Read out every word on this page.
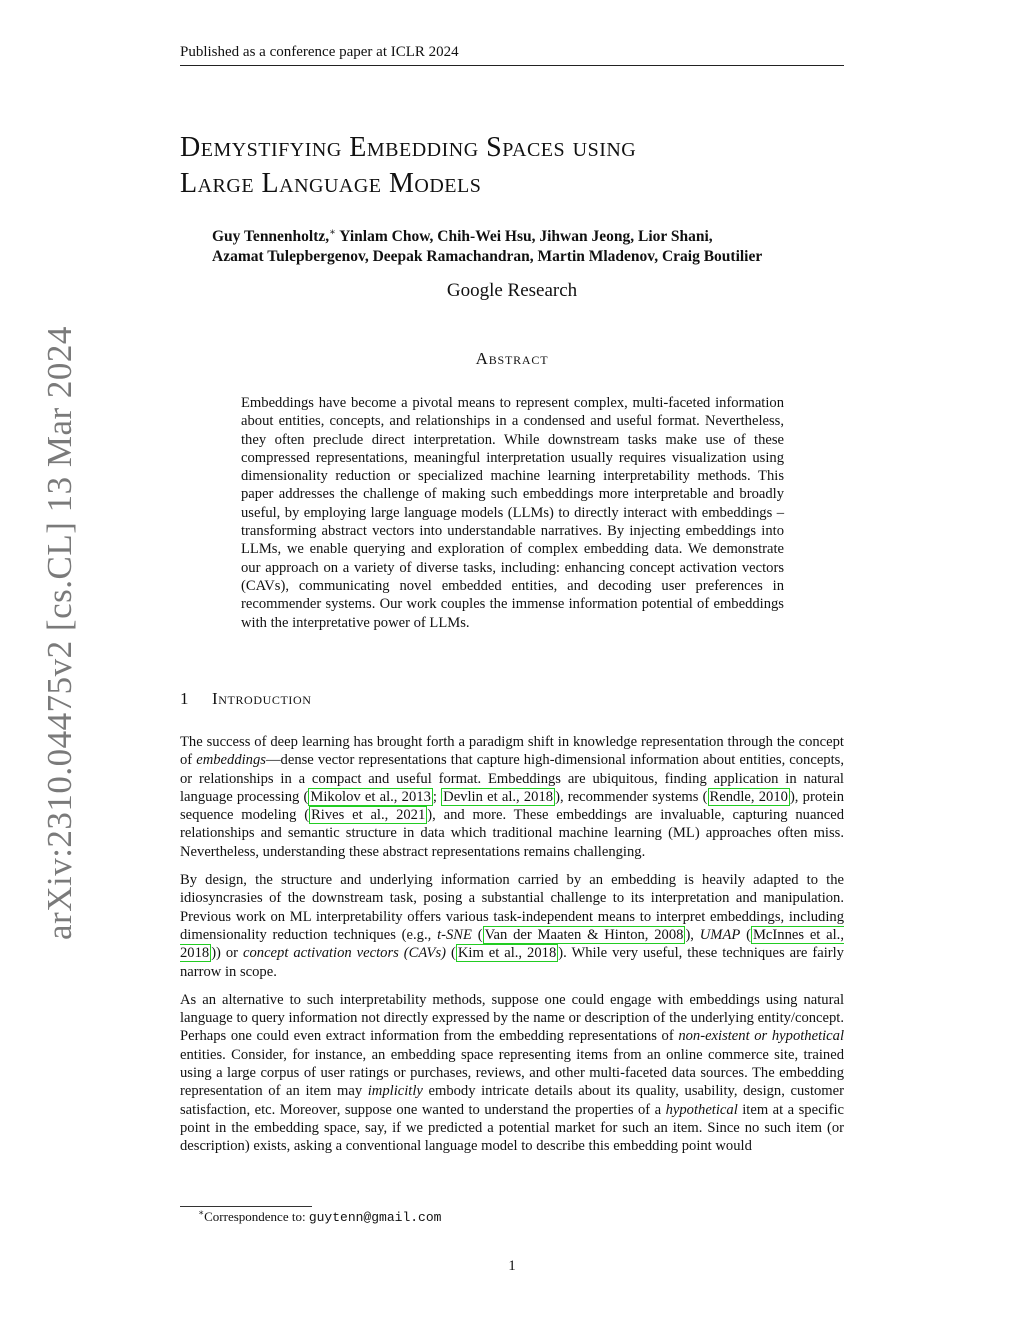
Published as a conference paper at ICLR 2024
Demystifying Embedding Spaces using
Large Language Models
Guy Tennenholtz,∗ Yinlam Chow, Chih-Wei Hsu, Jihwan Jeong, Lior Shani,
Azamat Tulepbergenov, Deepak Ramachandran, Martin Mladenov, Craig Boutilier
Google Research
Abstract

Embeddings have become a pivotal means to represent complex, multi-faceted information about entities, concepts, and relationships in a condensed and useful format. Nevertheless, they often preclude direct interpretation. While downstream tasks make use of these compressed representations, meaningful interpretation usually requires visualization using dimensionality reduction or specialized machine learning interpretability methods. This paper addresses the challenge of making such embeddings more interpretable and broadly useful, by employing large language models (LLMs) to directly interact with embeddings – transforming abstract vectors into understandable narratives. By injecting embeddings into LLMs, we enable querying and exploration of complex embedding data. We demonstrate our approach on a variety of diverse tasks, including: enhancing concept activation vectors (CAVs), communicating novel embedded entities, and decoding user preferences in recommender systems. Our work couples the immense information potential of embeddings with the interpretative power of LLMs.

1 Introduction

The success of deep learning has brought forth a paradigm shift in knowledge representation through the concept of embeddings—dense vector representations that capture high-dimensional information about entities, concepts, or relationships in a compact and useful format. Embeddings are ubiquitous, finding application in natural language processing ( Mikolov et al., 2013 ; Devlin et al., 2018 ), recommender systems ( Rendle, 2010 ), protein sequence modeling ( Rives et al., 2021 ), and more. These embeddings are invaluable, capturing nuanced relationships and semantic structure in data which traditional machine learning (ML) approaches often miss. Nevertheless, understanding these abstract representations remains challenging.

By design, the structure and underlying information carried by an embedding is heavily adapted to the idiosyncrasies of the downstream task, posing a substantial challenge to its interpretation and manipulation. Previous work on ML interpretability offers various task-independent means to interpret embeddings, including dimensionality reduction techniques (e.g., t-SNE ( Van der Maaten & Hinton, 2008 ), UMAP ( McInnes et al., 2018 )) or concept activation vectors (CAVs) ( Kim et al., 2018 ). While very useful, these techniques are fairly narrow in scope.

As an alternative to such interpretability methods, suppose one could engage with embeddings using natural language to query information not directly expressed by the name or description of the underlying entity/concept. Perhaps one could even extract information from the embedding representations of non-existent or hypothetical entities. Consider, for instance, an embedding space representing items from an online commerce site, trained using a large corpus of user ratings or purchases, reviews, and other multi-faceted data sources. The embedding representation of an item may implicitly embody intricate details about its quality, usability, design, customer satisfaction, etc. Moreover, suppose one wanted to understand the properties of a hypothetical item at a specific point in the embedding space, say, if we predicted a potential market for such an item. Since no such item (or description) exists, asking a conventional language model to describe this embedding point would

∗Correspondence to: guytenn@gmail.com
1
arXiv:2310.04475v2 [cs.CL] 13 Mar 2024
